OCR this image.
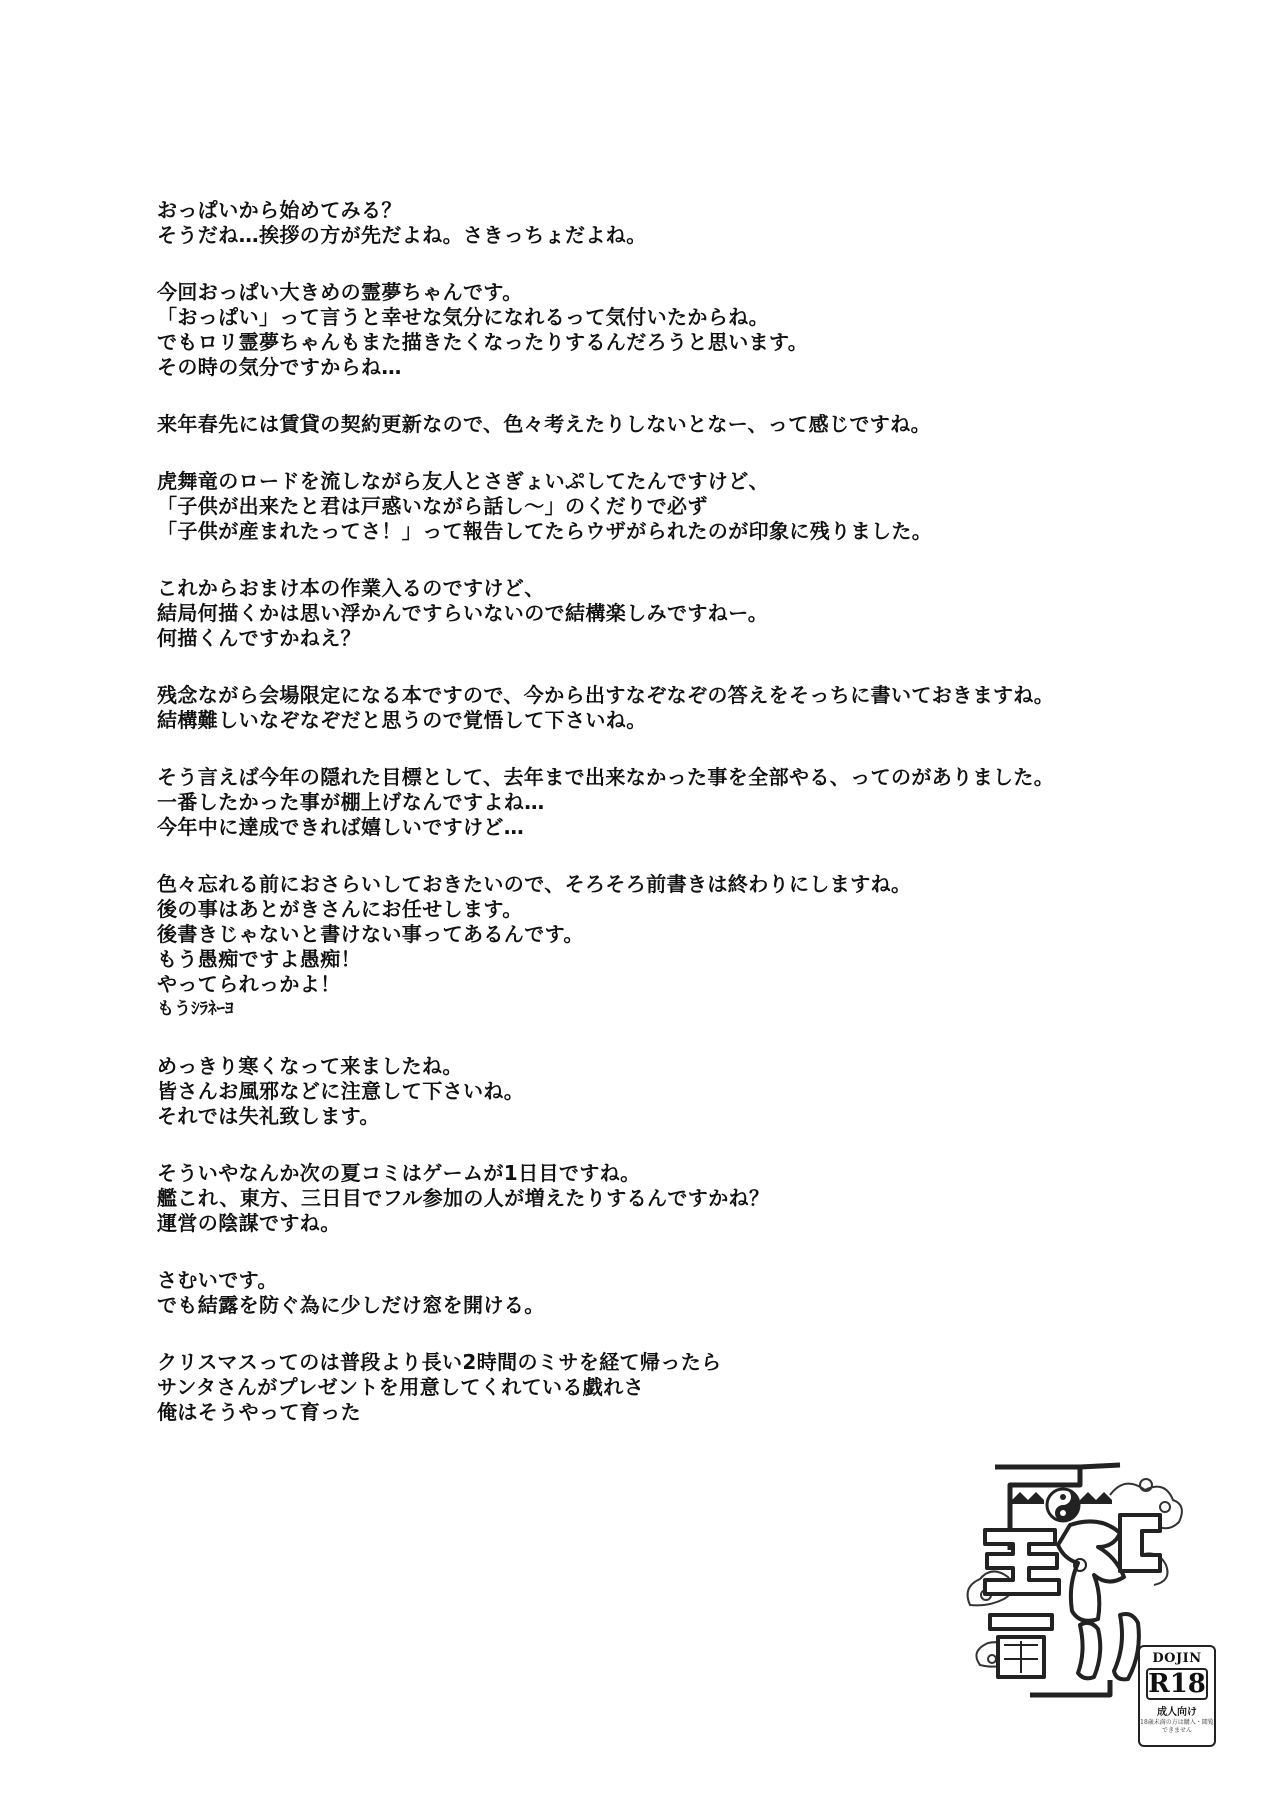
おっぱいから始めてみる？
そうだね…挨拶の方が先だよね。さきっちょだよね。
今回おっぱい大きめの霊夢ちゃんです。
「おっぱい」って言うと幸せな気分になれるって気付いたからね。
でもロリ霊夢ちゃんもまた描きたくなったりするんだろうと思います。
その時の気分ですからね…
来年春先には賃貸の契約更新なので、色々考えたりしないとなー、って感じですね。
虎舞竜のロードを流しながら友人とさぎょいぷしてたんですけど、
「子供が出来たと君は戸惑いながら話し～」のくだりで必ず
「子供が産まれたってさ！」って報告してたらウザがられたのが印象に残りました。
これからおまけ本の作業入るのですけど、
結局何描くかは思い浮かんですらいないので結構楽しみですねー。
何描くんですかねえ？
残念ながら会場限定になる本ですので、今から出すなぞなぞの答えをそっちに書いておきますね。
結構難しいなぞなぞだと思うので覚悟して下さいね。
そう言えば今年の隠れた目標として、去年まで出来なかった事を全部やる、ってのがありました。
一番したかった事が棚上げなんですよね…
今年中に達成できれば嬉しいですけど…
色々忘れる前におさらいしておきたいので、そろそろ前書きは終わりにしますね。
後の事はあとがきさんにお任せします。
後書きじゃないと書けない事ってあるんです。
もう愚痴ですよ愚痴！
やってられっかよ！
もうｼﾗﾈｰﾖ
めっきり寒くなって来ましたね。
皆さんお風邪などに注意して下さいね。
それでは失礼致します。
そういやなんか次の夏コミはゲームが1日目ですね。
艦これ、東方、三日目でフル参加の人が増えたりするんですかね？
運営の陰謀ですね。
さむいです。
でも結露を防ぐ為に少しだけ窓を開ける。
クリスマスってのは普段より長い2時間のミサを経て帰ったら
サンタさんがプレゼントを用意してくれている戯れさ
俺はそうやって育った
DOJIN
R18
成人向け
18歳未満の方は購入・閲覧できません
